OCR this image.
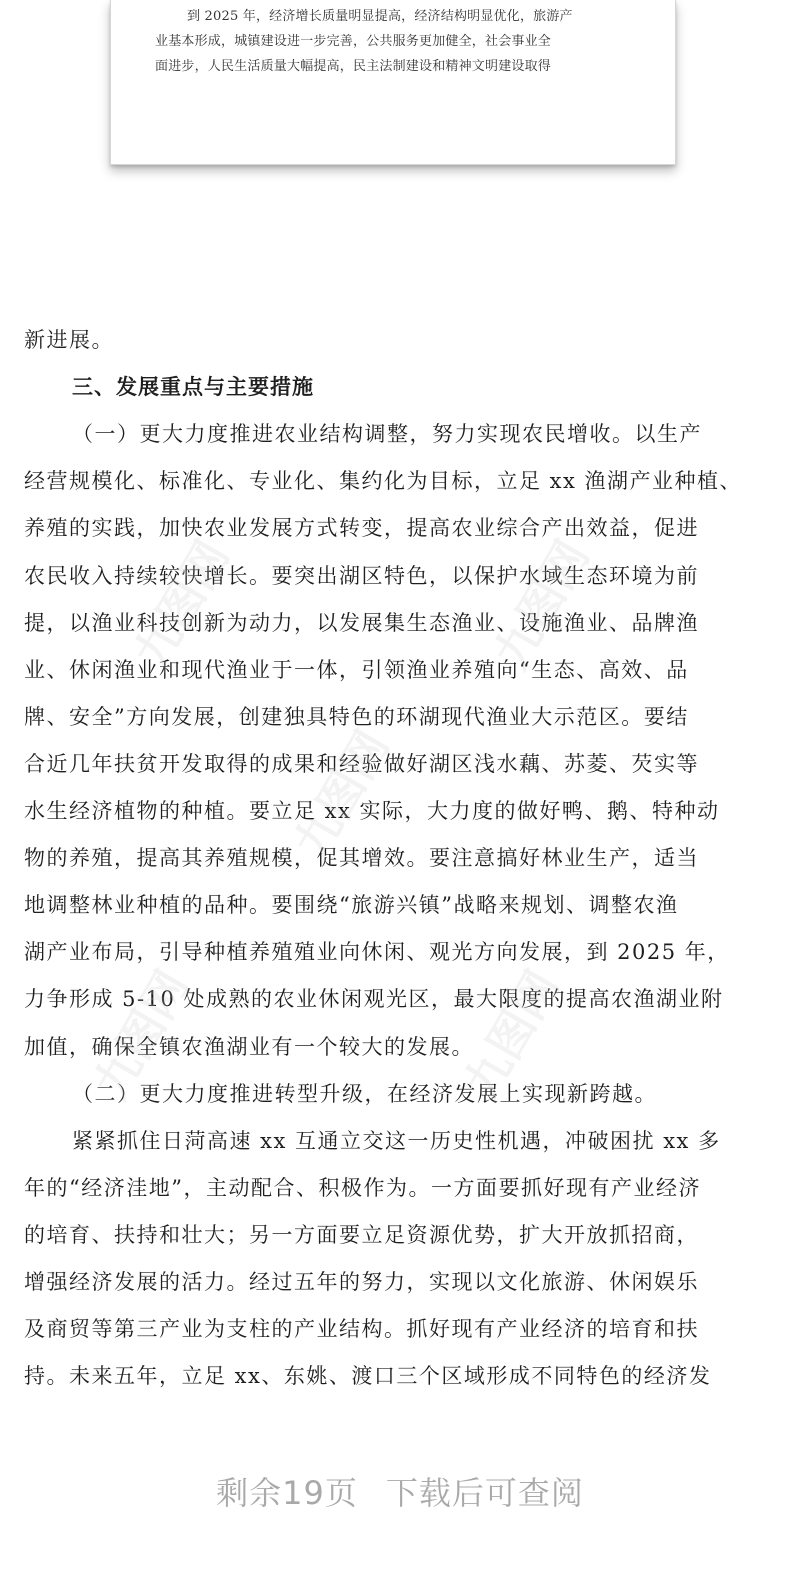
到 2025 年，经济增长质量明显提高，经济结构明显优化，旅游产
业基本形成，城镇建设进一步完善，公共服务更加健全，社会事业全
面进步，人民生活质量大幅提高，民主法制建设和精神文明建设取得
新进展。
三、发展重点与主要措施
（一）更大力度推进农业结构调整，努力实现农民增收。以生产
经营规模化、标准化、专业化、集约化为目标，立足 xx 渔湖产业种植、
养殖的实践，加快农业发展方式转变，提高农业综合产出效益，促进
农民收入持续较快增长。要突出湖区特色，以保护水域生态环境为前
提，以渔业科技创新为动力，以发展集生态渔业、设施渔业、品牌渔
业、休闲渔业和现代渔业于一体，引领渔业养殖向“生态、高效、品
牌、安全”方向发展，创建独具特色的环湖现代渔业大示范区。要结
合近几年扶贫开发取得的成果和经验做好湖区浅水藕、苏菱、芡实等
水生经济植物的种植。要立足 xx 实际，大力度的做好鸭、鹅、特种动
物的养殖，提高其养殖规模，促其增效。要注意搞好林业生产，适当
地调整林业种植的品种。要围绕“旅游兴镇”战略来规划、调整农渔
湖产业布局，引导种植养殖殖业向休闲、观光方向发展，到 2025 年，
力争形成 5-10 处成熟的农业休闲观光区，最大限度的提高农渔湖业附
加值，确保全镇农渔湖业有一个较大的发展。
（二）更大力度推进转型升级，在经济发展上实现新跨越。
紧紧抓住日菏高速 xx 互通立交这一历史性机遇，冲破困扰 xx 多
年的“经济洼地”，主动配合、积极作为。一方面要抓好现有产业经济
的培育、扶持和壮大；另一方面要立足资源优势，扩大开放抓招商，
增强经济发展的活力。经过五年的努力，实现以文化旅游、休闲娱乐
及商贸等第三产业为支柱的产业结构。抓好现有产业经济的培育和扶
持。未来五年，立足 xx、东姚、渡口三个区域形成不同特色的经济发
九图网	九图网
九图网
九图网	九图网
剩余19页 下载后可查阅
